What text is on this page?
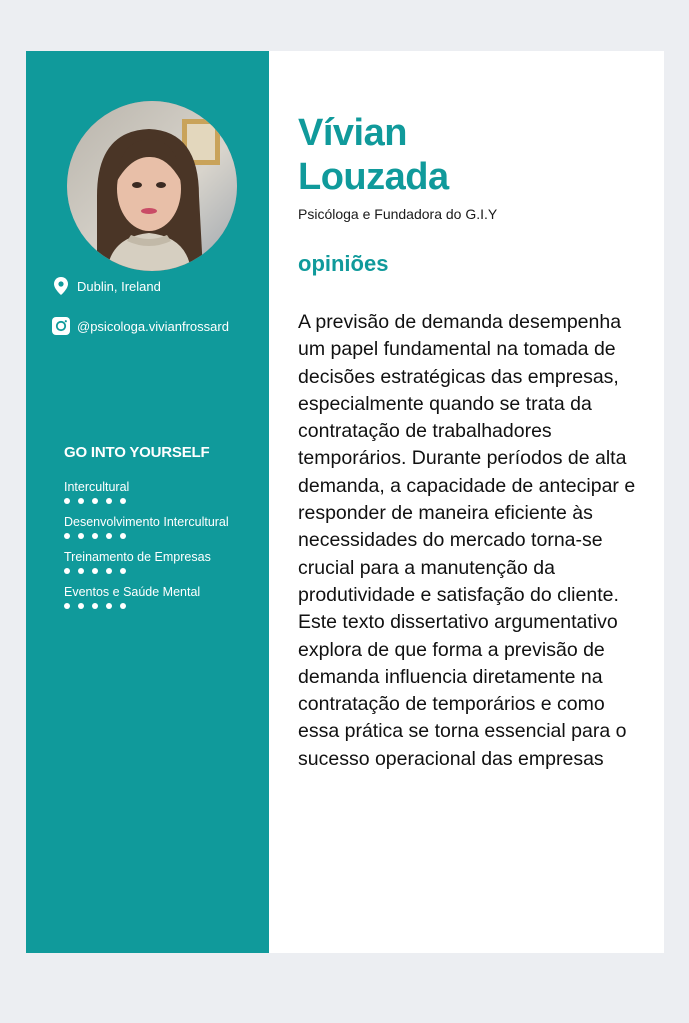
Dublin, Ireland
@psicologa.vivianfrossard
GO INTO YOURSELF
Intercultural
Desenvolvimento Intercultural
Treinamento de Empresas
Eventos e Saúde Mental
Vívian
Louzada
Psicóloga e Fundadora do G.I.Y
opiniões
A previsão de demanda desempenha um papel fundamental na tomada de decisões estratégicas das empresas, especialmente quando se trata da contratação de trabalhadores temporários. Durante períodos de alta demanda, a capacidade de antecipar e responder de maneira eficiente às necessidades do mercado torna-se crucial para a manutenção da produtividade e satisfação do cliente. Este texto dissertativo argumentativo explora de que forma a previsão de demanda influencia diretamente na contratação de temporários e como essa prática se torna essencial para o sucesso operacional das empresas
